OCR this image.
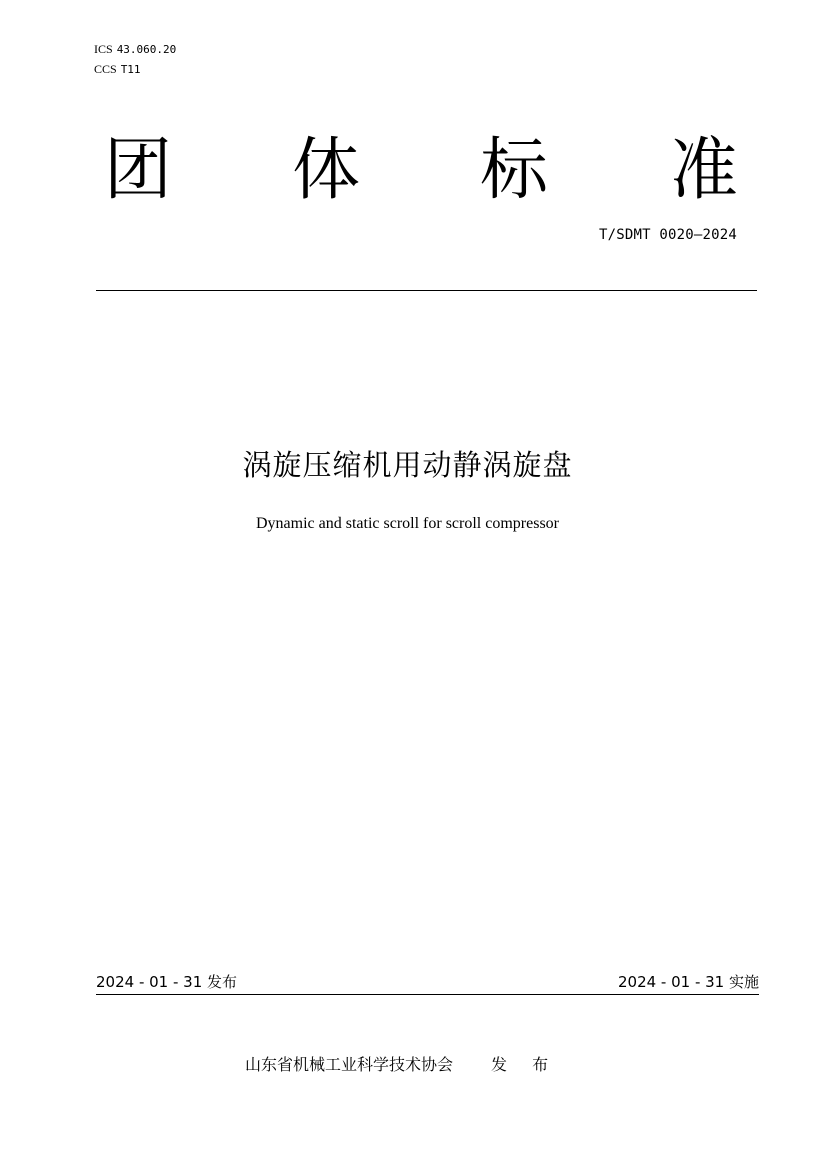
ICS 43.060.20
CCS T11
团 体 标 准
T/SDMT 0020—2024
涡旋压缩机用动静涡旋盘
Dynamic and static scroll for scroll compressor
2024 - 01 - 31 发布	2024 - 01 - 31 实施
山东省机械工业科学技术协会 发 布
